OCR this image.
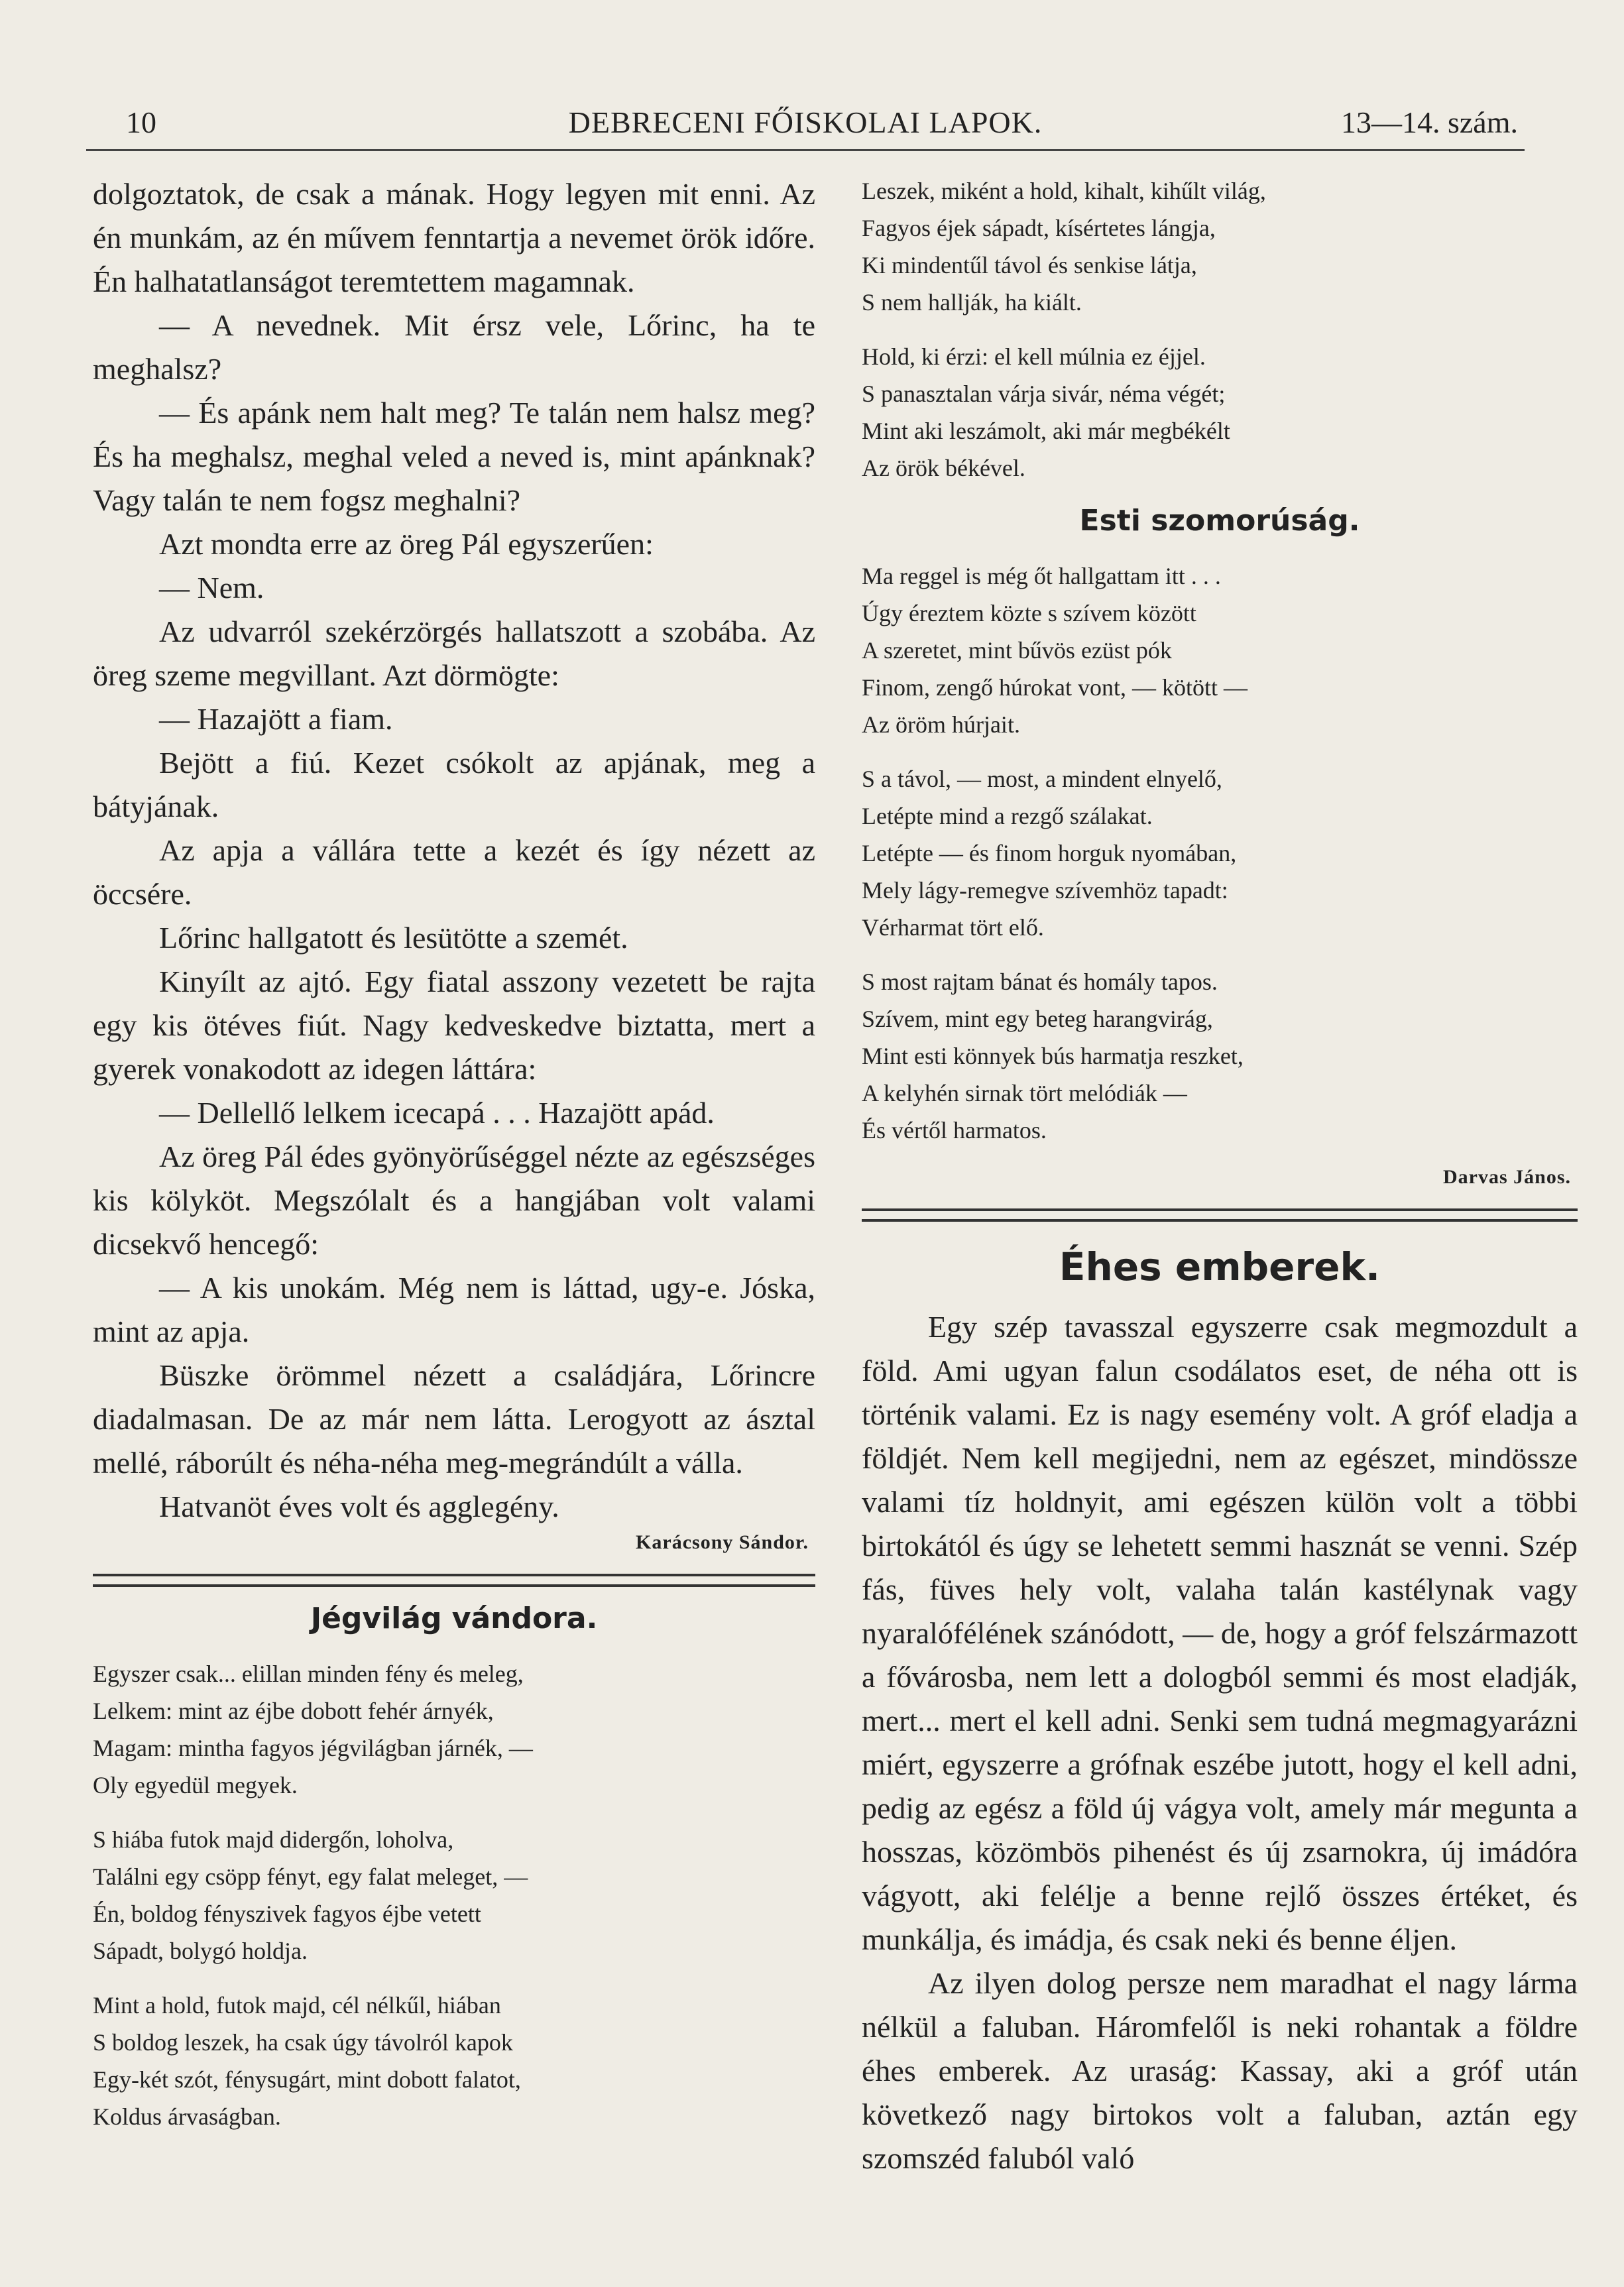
10	DEBRECENI FŐISKOLAI LAPOK.	13—14. szám.

dolgoztatok, de csak a mának. Hogy legyen mit enni. Az én munkám, az én művem fenntartja a nevemet örök időre. Én halhatatlanságot teremtettem magamnak.

— A nevednek. Mit érsz vele, Lőrinc, ha te meghalsz?

— És apánk nem halt meg? Te talán nem halsz meg? És ha meghalsz, meghal veled a neved is, mint apánknak? Vagy talán te nem fogsz meghalni?

Azt mondta erre az öreg Pál egyszerűen:

— Nem.

Az udvarról szekérzörgés hallatszott a szobába. Az öreg szeme megvillant. Azt dörmögte:

— Hazajött a fiam.

Bejött a fiú. Kezet csókolt az apjának, meg a bátyjának.

Az apja a vállára tette a kezét és így nézett az öccsére.

Lőrinc hallgatott és lesütötte a szemét.

Kinyílt az ajtó. Egy fiatal asszony vezetett be rajta egy kis ötéves fiút. Nagy kedveskedve biztatta, mert a gyerek vonakodott az idegen láttára:

— Dellellő lelkem icecapá . . . Hazajött apád.

Az öreg Pál édes gyönyörűséggel nézte az egészséges kis kölyköt. Megszólalt és a hangjában volt valami dicsekvő hencegő:

— A kis unokám. Még nem is láttad, ugy-e. Jóska, mint az apja.

Büszke örömmel nézett a családjára, Lőrincre diadalmasan. De az már nem látta. Lerogyott az ásztal mellé, ráborúlt és néha-néha meg-megrándúlt a válla.

Hatvanöt éves volt és agglegény.

Karácsony Sándor.
Jégvilág vándora.
Egyszer csak... elillan minden fény és meleg,
Lelkem: mint az éjbe dobott fehér árnyék,
Magam: mintha fagyos jégvilágban járnék, —
Oly egyedül megyek.
S hiába futok majd didergőn, loholva,
Találni egy csöpp fényt, egy falat meleget, —
Én, boldog fényszivek fagyos éjbe vetett
Sápadt, bolygó holdja.
Mint a hold, futok majd, cél nélkűl, hiában
S boldog leszek, ha csak úgy távolról kapok
Egy-két szót, fénysugárt, mint dobott falatot,
Koldus árvaságban.
Leszek, miként a hold, kihalt, kihűlt világ,
Fagyos éjek sápadt, kísértetes lángja,
Ki mindentűl távol és senkise látja,
S nem hallják, ha kiált.
Hold, ki érzi: el kell múlnia ez éjjel.
S panasztalan várja sivár, néma végét;
Mint aki leszámolt, aki már megbékélt
Az örök békével.
Esti szomorúság.
Ma reggel is még őt hallgattam itt . . .
Úgy éreztem közte s szívem között
A szeretet, mint bűvös ezüst pók
Finom, zengő húrokat vont, — kötött —
Az öröm húrjait.
S a távol, — most, a mindent elnyelő,
Letépte mind a rezgő szálakat.
Letépte — és finom horguk nyomában,
Mely lágy-remegve szívemhöz tapadt:
Vérharmat tört elő.
S most rajtam bánat és homály tapos.
Szívem, mint egy beteg harangvirág,
Mint esti könnyek bús harmatja reszket,
A kelyhén sirnak tört melódiák —
És vértől harmatos.
Darvas János.
Éhes emberek.

Egy szép tavasszal egyszerre csak megmozdult a föld. Ami ugyan falun csodálatos eset, de néha ott is történik valami. Ez is nagy esemény volt. A gróf eladja a földjét. Nem kell megijedni, nem az egészet, mindössze valami tíz holdnyit, ami egészen külön volt a többi birtokától és úgy se lehetett semmi hasznát se venni. Szép fás, füves hely volt, valaha talán kastélynak vagy nyaralófélének szánódott, — de, hogy a gróf felszármazott a fővárosba, nem lett a dologból semmi és most eladják, mert... mert el kell adni. Senki sem tudná megmagyarázni miért, egyszerre a grófnak eszébe jutott, hogy el kell adni, pedig az egész a föld új vágya volt, amely már megunta a hosszas, közömbös pihenést és új zsarnokra, új imádóra vágyott, aki felélje a benne rejlő összes értéket, és munkálja, és imádja, és csak neki és benne éljen.

Az ilyen dolog persze nem maradhat el nagy lárma nélkül a faluban. Háromfelől is neki rohantak a földre éhes emberek. Az uraság: Kassay, aki a gróf után következő nagy birtokos volt a faluban, aztán egy szomszéd faluból való
